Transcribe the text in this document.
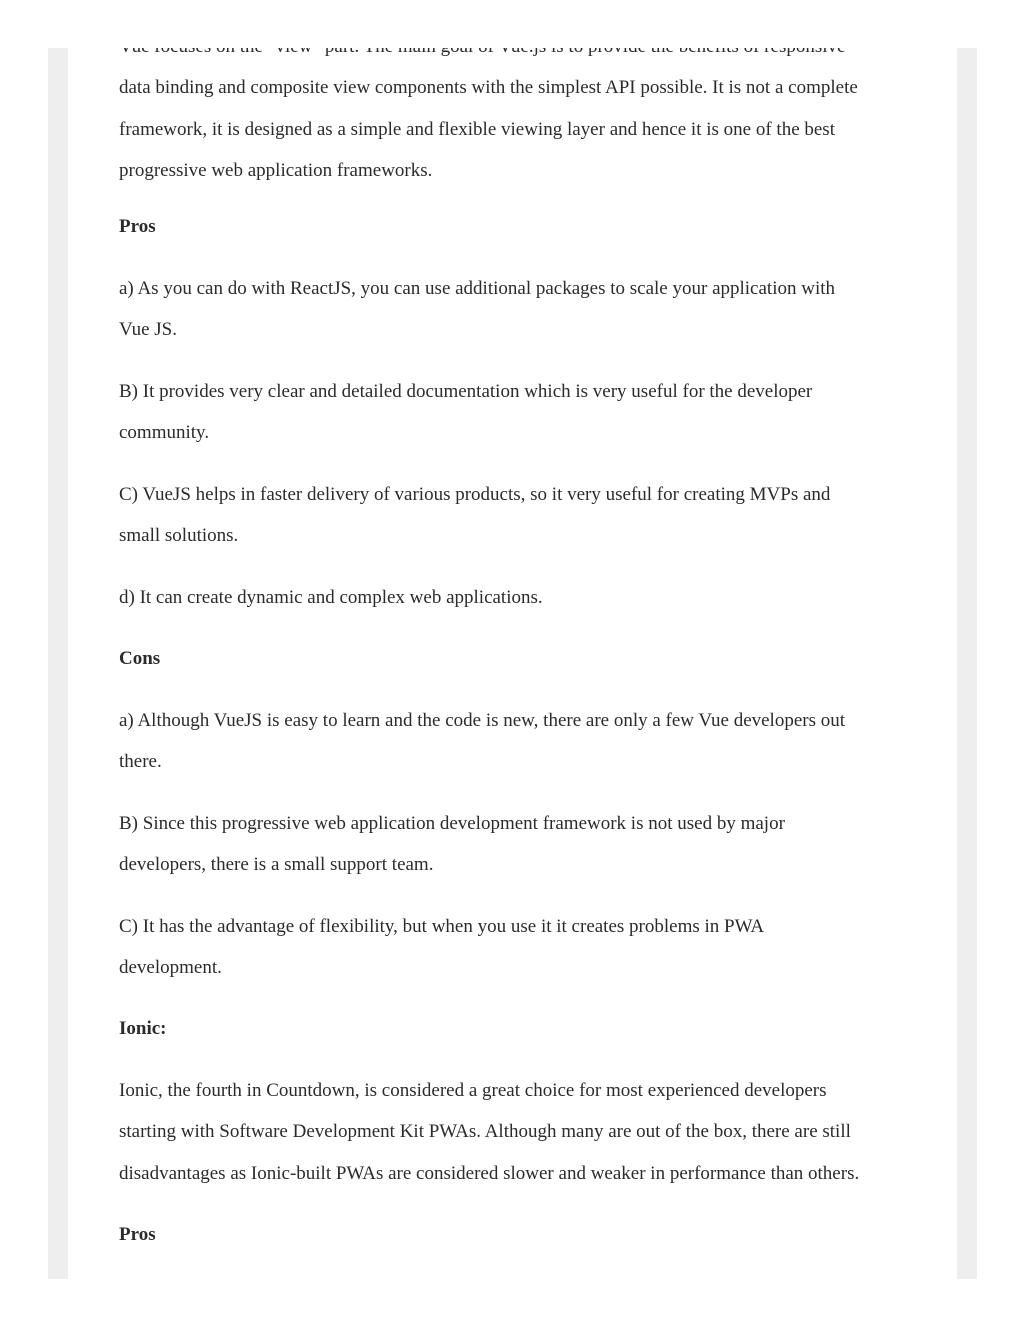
data binding and composite view components with the simplest API possible. It is not a complete
framework, it is designed as a simple and flexible viewing layer and hence it is one of the best
progressive web application frameworks.

Pros

a) As you can do with ReactJS, you can use additional packages to scale your application with
Vue JS.

B) It provides very clear and detailed documentation which is very useful for the developer
community.

C) VueJS helps in faster delivery of various products, so it very useful for creating MVPs and
small solutions.

d) It can create dynamic and complex web applications.

Cons

a) Although VueJS is easy to learn and the code is new, there are only a few Vue developers out
there.

B) Since this progressive web application development framework is not used by major
developers, there is a small support team.

C) It has the advantage of flexibility, but when you use it it creates problems in PWA
development.

Ionic:

Ionic, the fourth in Countdown, is considered a great choice for most experienced developers
starting with Software Development Kit PWAs. Although many are out of the box, there are still
disadvantages as Ionic-built PWAs are considered slower and weaker in performance than others.

Pros
